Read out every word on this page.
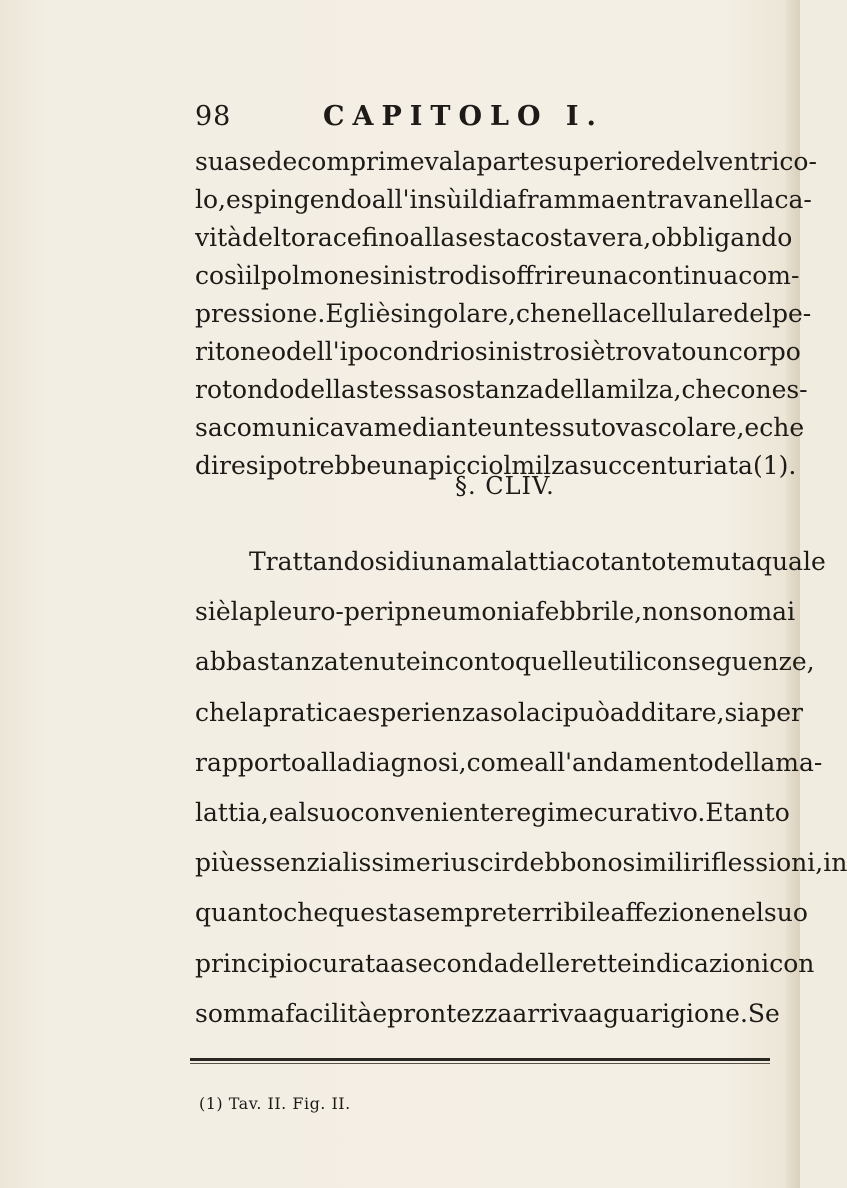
98	CAPITOLO I.
sua sede comprimeva la parte superiore del ventrico-
lo, e spingendo all'insù il diaframma entrava nella ca-
vità del torace fino alla sesta costa vera, obbligando
così il polmone sinistro di soffrire una continua com-
pressione. Egli è singolare, che nella cellulare del pe-
ritoneo dell'ipocondrio sinistro si è trovato un corpo
rotondo della stessa sostanza della milza, che con es-
sa comunicava mediante un tessuto vascolare, e che
dire si potrebbe una picciol milza succenturiata (1).
§. CLIV.
Trattandosi di una malattia cotanto temuta quale
si è la pleuro-peripneumonia febbrile, non sono mai
abbastanza tenute in conto quelle utili conseguenze,
che la pratica esperienza sola ci può additare, sia per
rapporto alla diagnosi, come all'andamento della ma-
lattia, e al suo conveniente regime curativo. E tanto
più essenzialissime riuscir debbono simili riflessioni, in
quanto che questa sempre terribile affezione nel suo
principio curata a seconda delle rette indicazioni con
somma facilità e prontezza arriva a guarigione. Se
(1) Tav. II. Fig. II.
